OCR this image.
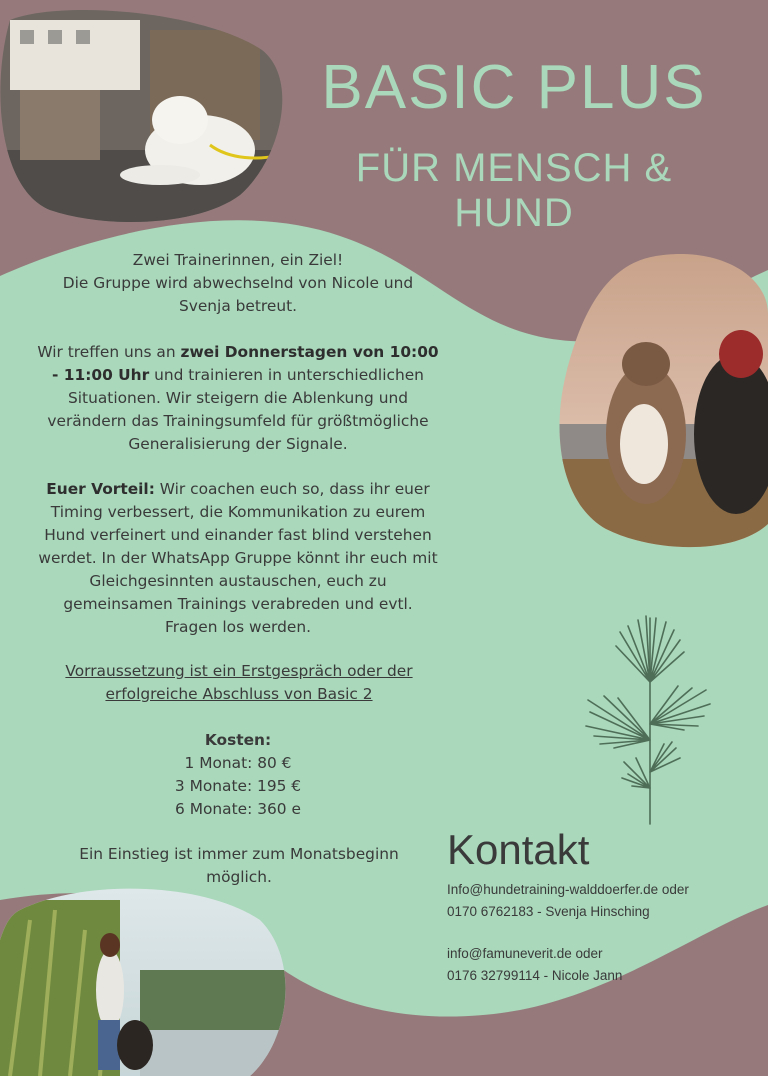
BASIC PLUS
FÜR MENSCH & HUND
Zwei Trainerinnen, ein Ziel!
Die Gruppe wird abwechselnd von Nicole und
Svenja betreut.
Wir treffen uns an zwei Donnerstagen von 10:00 - 11:00 Uhr und trainieren in unterschiedlichen Situationen. Wir steigern die Ablenkung und verändern das Trainingsumfeld für größtmögliche Generalisierung der Signale.
Euer Vorteil: Wir coachen euch so, dass ihr euer Timing verbessert, die Kommunikation zu eurem Hund verfeinert und einander fast blind verstehen werdet. In der WhatsApp Gruppe könnt ihr euch mit Gleichgesinnten austauschen, euch zu gemeinsamen Trainings verabreden und evtl. Fragen los werden.
Vorraussetzung ist ein Erstgespräch oder der erfolgreiche Abschluss von Basic 2
Kosten:
1 Monat: 80 €
3 Monate: 195 €
6 Monate: 360 e
Ein Einstieg ist immer zum Monatsbeginn möglich.
Kontakt
Info@hundetraining-walddoerfer.de oder
0170 6762183 - Svenja Hinsching
info@famuneverit.de oder
0176 32799114 - Nicole Jann
